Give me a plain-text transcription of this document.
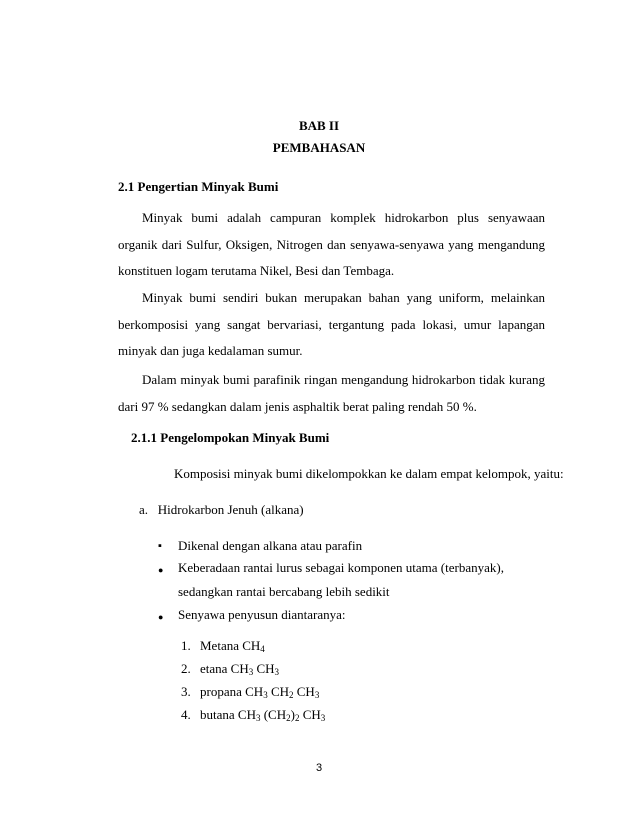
BAB II
PEMBAHASAN
2.1 Pengertian Minyak Bumi
Minyak bumi adalah campuran komplek hidrokarbon plus senyawaan organik dari Sulfur, Oksigen, Nitrogen dan senyawa-senyawa yang mengandung konstituen logam terutama Nikel, Besi dan Tembaga.
Minyak bumi sendiri bukan merupakan bahan yang uniform, melainkan berkomposisi yang sangat bervariasi, tergantung pada lokasi, umur lapangan minyak dan juga kedalaman sumur.
Dalam minyak bumi parafinik ringan mengandung hidrokarbon tidak kurang dari 97 % sedangkan dalam jenis asphaltik berat paling rendah 50 %.
2.1.1 Pengelompokan Minyak Bumi
Komposisi minyak bumi dikelompokkan ke dalam empat kelompok, yaitu:
a.   Hidrokarbon Jenuh (alkana)
▪ Dikenal dengan alkana atau parafin
● Keberadaan rantai lurus sebagai komponen utama (terbanyak), sedangkan rantai bercabang lebih sedikit
● Senyawa penyusun diantaranya:
1. Metana $CH_4$
2. etana $CH_3$ $CH_3$
3. propana $CH_3$ $CH_2$ $CH_3$
4. butana $CH_3$ $(CH_2)_2$ $CH_3$
3
